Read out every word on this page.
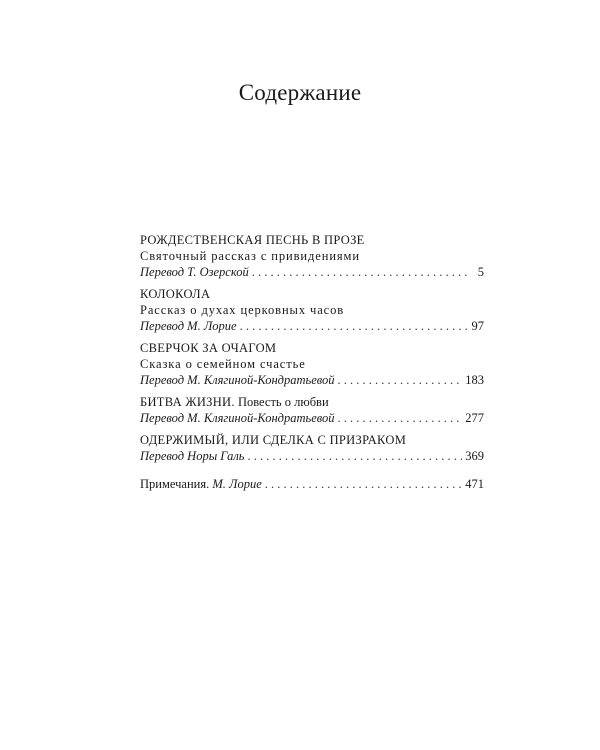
Содержание
РОЖДЕСТВЕНСКАЯ ПЕСНЬ В ПРОЗЕ
Святочный рассказ с привидениями
Перевод Т. Озерской . . .	5
КОЛОКОЛА
Рассказ о духах церковных часов
Перевод М. Лорие . . .	97
СВЕРЧОК ЗА ОЧАГОМ
Сказка о семейном счастье
Перевод М. Клягиной-Кондратьевой . . .	183
БИТВА ЖИЗНИ. Повесть о любви
Перевод М. Клягиной-Кондратьевой . . .	277
ОДЕРЖИМЫЙ, ИЛИ СДЕЛКА С ПРИЗРАКОМ
Перевод Норы Галь . . .	369
Примечания. М. Лорие . . .	471
